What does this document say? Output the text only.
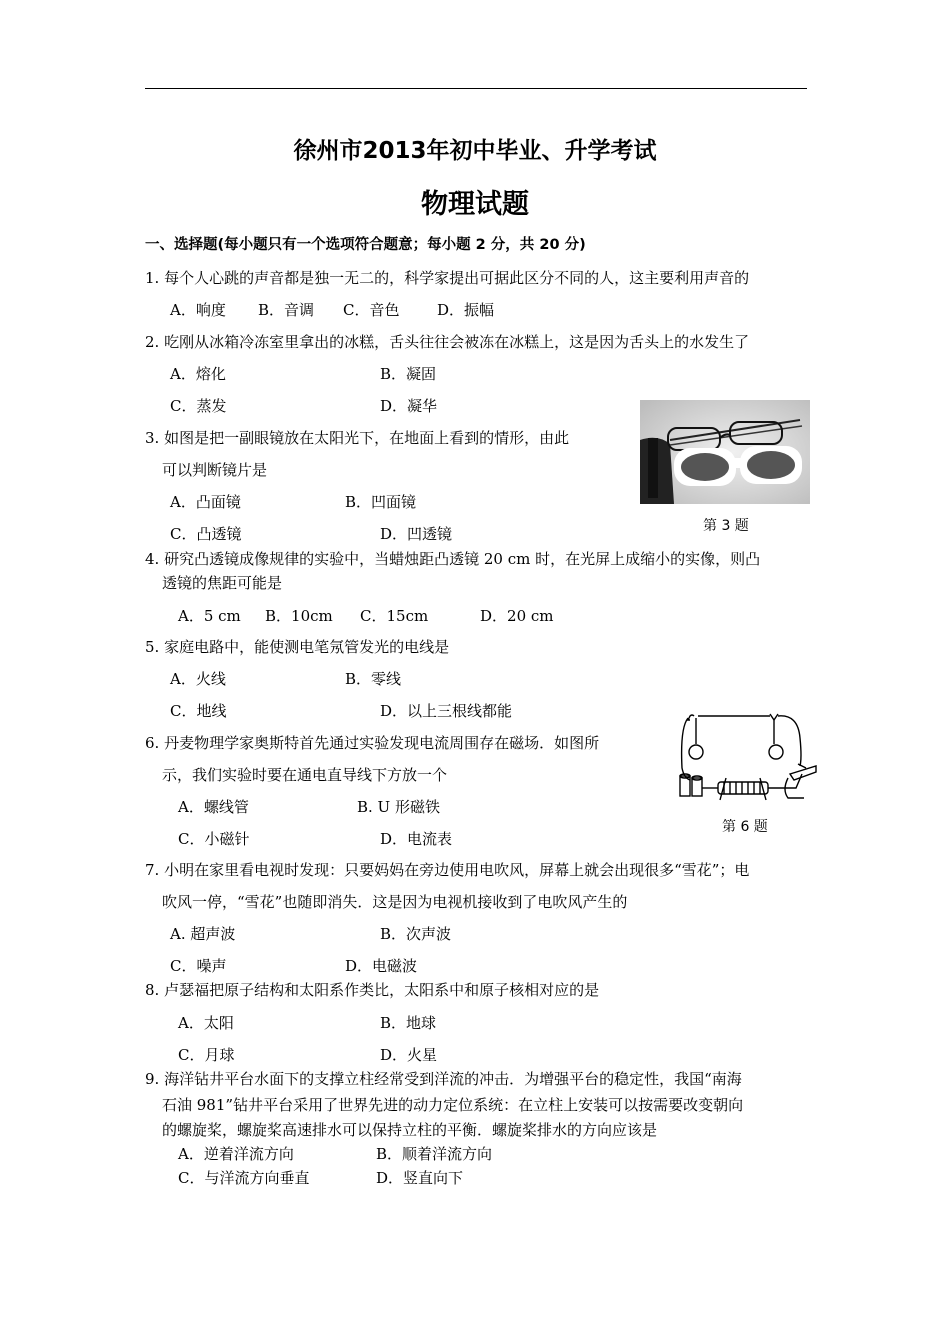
徐州市2013年初中毕业、升学考试
物理试题
一、选择题(每小题只有一个选项符合题意；每小题 2 分，共 20 分)
1. 每个人心跳的声音都是独一无二的，科学家提出可据此区分不同的人，这主要利用声音的
A．响度 B．音调 C．音色	D．振幅
2. 吃刚从冰箱冷冻室里拿出的冰糕，舌头往往会被冻在冰糕上，这是因为舌头上的水发生了
A．熔化	B．凝固
C．蒸发	D．凝华
3. 如图是把一副眼镜放在太阳光下，在地面上看到的情形，由此
可以判断镜片是
A．凸面镜	B．凹面镜
C．凸透镜	D．凹透镜	第 3 题
4. 研究凸透镜成像规律的实验中，当蜡烛距凸透镜 20 cm 时，在光屏上成缩小的实像，则凸
透镜的焦距可能是
A．5 cm B．10cm C．15cm	D．20 cm
5. 家庭电路中，能使测电笔氖管发光的电线是
A．火线	B．零线
C．地线	D．以上三根线都能
6. 丹麦物理学家奥斯特首先通过实验发现电流周围存在磁场．如图所
示，我们实验时要在通电直导线下方放一个
A．螺线管	B. U 形磁铁
C．小磁针	D．电流表
第 6 题
7. 小明在家里看电视时发现：只要妈妈在旁边使用电吹风，屏幕上就会出现很多“雪花”；电
吹风一停，“雪花”也随即消失．这是因为电视机接收到了电吹风产生的
A. 超声波	B．次声波
C．噪声	D．电磁波
8. 卢瑟福把原子结构和太阳系作类比，太阳系中和原子核相对应的是
A．太阳	B．地球
C．月球	D．火星
9. 海洋钻井平台水面下的支撑立柱经常受到洋流的冲击．为增强平台的稳定性，我国“南海
石油 981”钻井平台采用了世界先进的动力定位系统：在立柱上安装可以按需要改变朝向
的螺旋桨，螺旋桨高速排水可以保持立柱的平衡．螺旋桨排水的方向应该是
A．逆着洋流方向	B．顺着洋流方向
C．与洋流方向垂直	D．竖直向下
